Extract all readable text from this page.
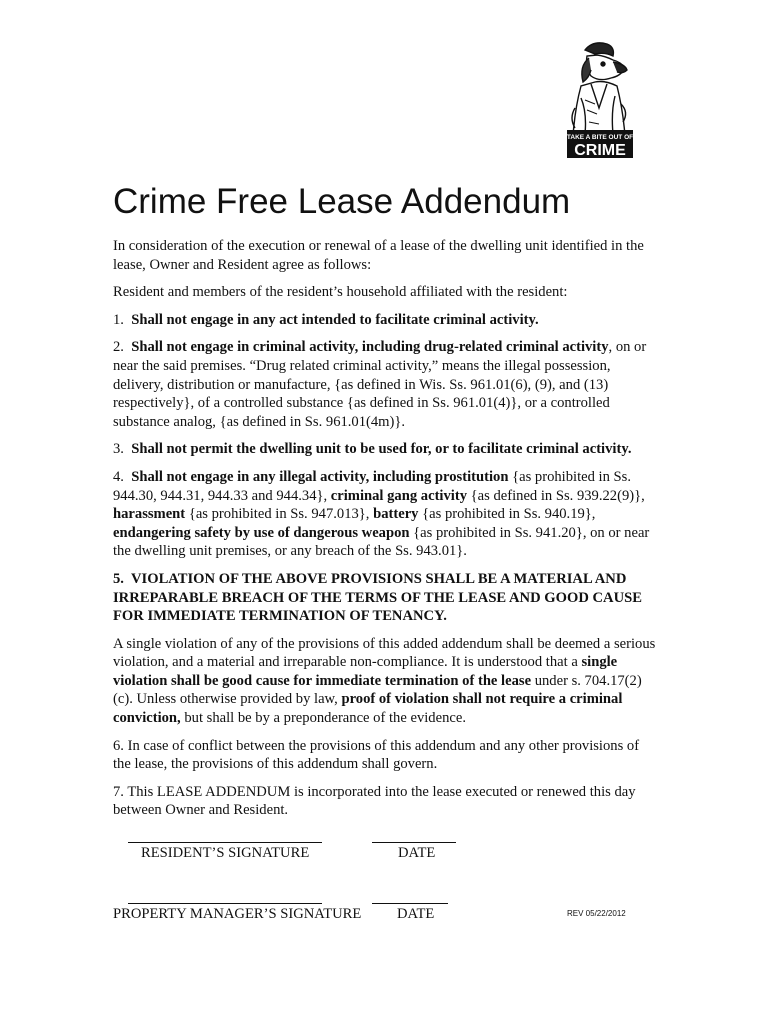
TAKE A BITE OUT OF
CRIME
Crime Free Lease Addendum

In consideration of the execution or renewal of a lease of the dwelling unit identified in the lease, Owner and Resident agree as follows:

Resident and members of the resident’s household affiliated with the resident:

1. Shall not engage in any act intended to facilitate criminal activity.

2. Shall not engage in criminal activity, including drug-related criminal activity, on or near the said premises. “Drug related criminal activity,” means the illegal possession, delivery, distribution or manufacture, {as defined in Wis. Ss. 961.01(6), (9), and (13) respectively}, of a controlled substance {as defined in Ss. 961.01(4)}, or a controlled substance analog, {as defined in Ss. 961.01(4m)}.

3. Shall not permit the dwelling unit to be used for, or to facilitate criminal activity.

4. Shall not engage in any illegal activity, including prostitution {as prohibited in Ss. 944.30, 944.31, 944.33 and 944.34}, criminal gang activity {as defined in Ss. 939.22(9)}, harassment {as prohibited in Ss. 947.013}, battery {as prohibited in Ss. 940.19}, endangering safety by use of dangerous weapon {as prohibited in Ss. 941.20}, on or near the dwelling unit premises, or any breach of the Ss. 943.01}.

5. VIOLATION OF THE ABOVE PROVISIONS SHALL BE A MATERIAL AND IRREPARABLE BREACH OF THE TERMS OF THE LEASE AND GOOD CAUSE FOR IMMEDIATE TERMINATION OF TENANCY.

A single violation of any of the provisions of this added addendum shall be deemed a serious violation, and a material and irreparable non-compliance. It is understood that a single violation shall be good cause for immediate termination of the lease under s. 704.17(2)(c). Unless otherwise provided by law, proof of violation shall not require a criminal conviction, but shall be by a preponderance of the evidence.

6. In case of conflict between the provisions of this addendum and any other provisions of the lease, the provisions of this addendum shall govern.

7. This LEASE ADDENDUM is incorporated into the lease executed or renewed this day between Owner and Resident.

RESIDENT’S SIGNATURE	DATE
PROPERTY MANAGER’S SIGNATURE DATE	REV 05/22/2012
